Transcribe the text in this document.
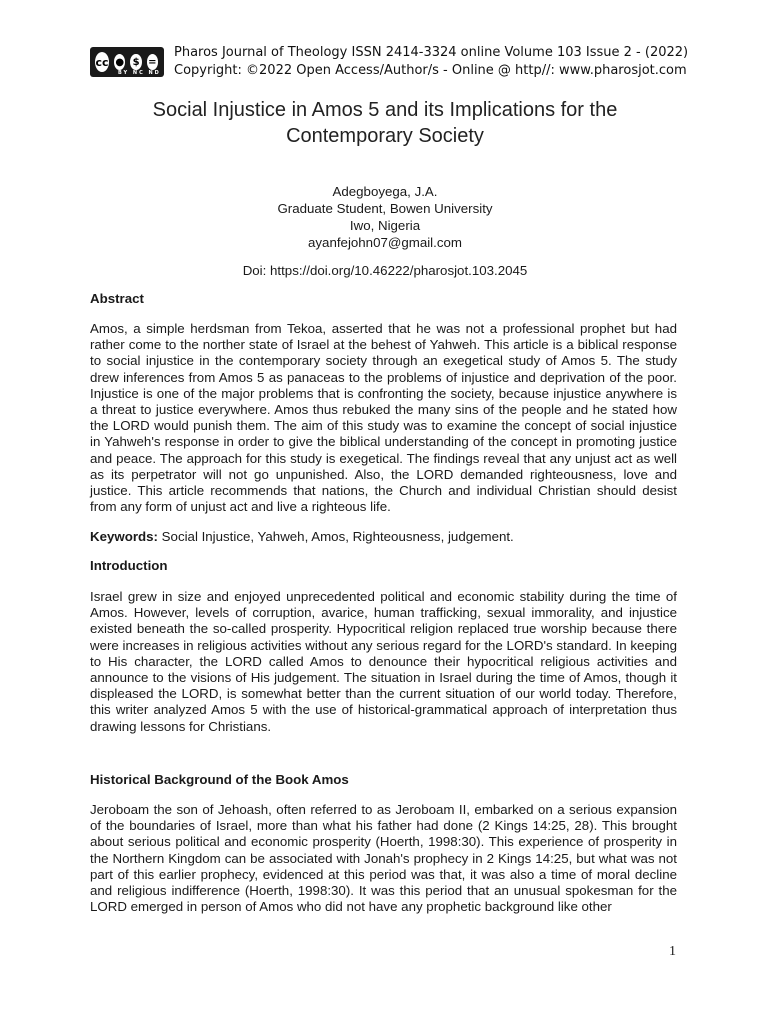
cc ● $ =
BY NC ND
Pharos Journal of Theology ISSN 2414-3324 online Volume 103 Issue 2 - (2022)
Copyright: ©2022 Open Access/Author/s - Online @ http//: www.pharosjot.com
Social Injustice in Amos 5 and its Implications for the Contemporary Society
Adegboyega, J.A.
Graduate Student, Bowen University
Iwo, Nigeria
ayanfejohn07@gmail.com
Doi: https://doi.org/10.46222/pharosjot.103.2045
Abstract
Amos, a simple herdsman from Tekoa, asserted that he was not a professional prophet but had rather come to the norther state of Israel at the behest of Yahweh. This article is a biblical response to social injustice in the contemporary society through an exegetical study of Amos 5. The study drew inferences from Amos 5 as panaceas to the problems of injustice and deprivation of the poor. Injustice is one of the major problems that is confronting the society, because injustice anywhere is a threat to justice everywhere. Amos thus rebuked the many sins of the people and he stated how the LORD would punish them. The aim of this study was to examine the concept of social injustice in Yahweh's response in order to give the biblical understanding of the concept in promoting justice and peace. The approach for this study is exegetical. The findings reveal that any unjust act as well as its perpetrator will not go unpunished. Also, the LORD demanded righteousness, love and justice. This article recommends that nations, the Church and individual Christian should desist from any form of unjust act and live a righteous life.
Keywords: Social Injustice, Yahweh, Amos, Righteousness, judgement.
Introduction
Israel grew in size and enjoyed unprecedented political and economic stability during the time of Amos. However, levels of corruption, avarice, human trafficking, sexual immorality, and injustice existed beneath the so-called prosperity. Hypocritical religion replaced true worship because there were increases in religious activities without any serious regard for the LORD's standard. In keeping to His character, the LORD called Amos to denounce their hypocritical religious activities and announce to the visions of His judgement. The situation in Israel during the time of Amos, though it displeased the LORD, is somewhat better than the current situation of our world today. Therefore, this writer analyzed Amos 5 with the use of historical-grammatical approach of interpretation thus drawing lessons for Christians.
Historical Background of the Book Amos
Jeroboam the son of Jehoash, often referred to as Jeroboam II, embarked on a serious expansion of the boundaries of Israel, more than what his father had done (2 Kings 14:25, 28). This brought about serious political and economic prosperity (Hoerth, 1998:30). This experience of prosperity in the Northern Kingdom can be associated with Jonah's prophecy in 2 Kings 14:25, but what was not part of this earlier prophecy, evidenced at this period was that, it was also a time of moral decline and religious indifference (Hoerth, 1998:30). It was this period that an unusual spokesman for the LORD emerged in person of Amos who did not have any prophetic background like other
1
